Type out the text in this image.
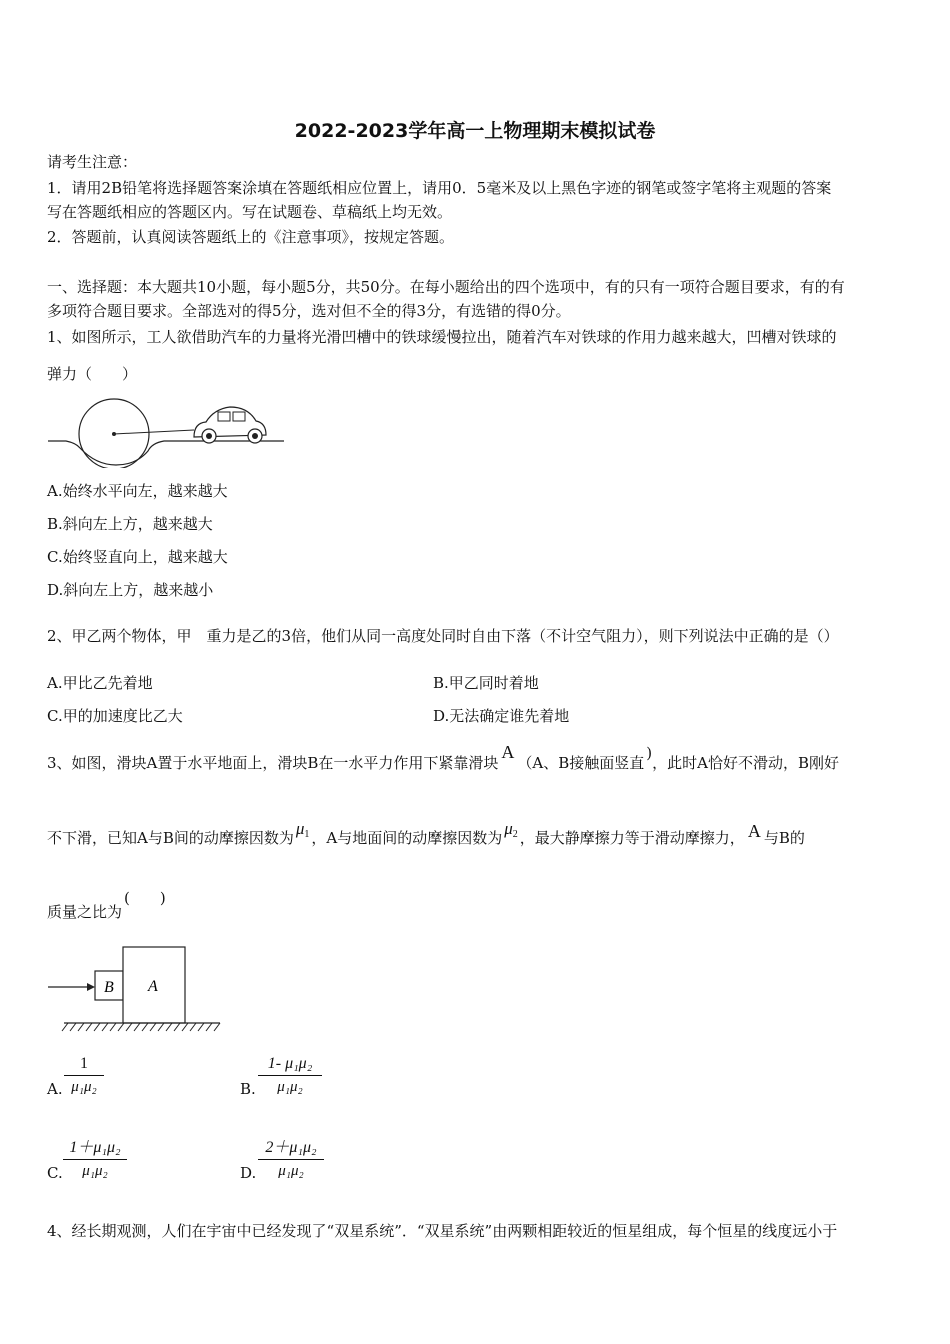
2022-2023学年高一上物理期末模拟试卷
请考生注意：
1．请用2B铅笔将选择题答案涂填在答题纸相应位置上，请用0．5毫米及以上黑色字迹的钢笔或签字笔将主观题的答案
写在答题纸相应的答题区内。写在试题卷、草稿纸上均无效。
2．答题前，认真阅读答题纸上的《注意事项》，按规定答题。
一、选择题：本大题共10小题，每小题5分，共50分。在每小题给出的四个选项中，有的只有一项符合题目要求，有的有
多项符合题目要求。全部选对的得5分，选对但不全的得3分，有选错的得0分。
1、如图所示，工人欲借助汽车的力量将光滑凹槽中的铁球缓慢拉出，随着汽车对铁球的作用力越来越大，凹槽对铁球的
弹力（　　）
A.始终水平向左，越来越大
B.斜向左上方，越来越大
C.始终竖直向上，越来越大
D.斜向左上方，越来越小
2、甲乙两个物体，甲　重力是乙的3倍，他们从同一高度处同时自由下落（不计空气阻力），则下列说法中正确的是（）
A.甲比乙先着地	B.甲乙同时着地
C.甲的加速度比乙大	D.无法确定谁先着地
3、如图，滑块A置于水平地面上，滑块B在一水平力作用下紧靠滑块A（A、B接触面竖直)，此时A恰好不滑动，B刚好
不下滑，已知A与B间的动摩擦因数为 $\mu_1$ ，A与地面间的动摩擦因数为 $\mu_2$ ，最大静摩擦力等于滑动摩擦力， A 与B的
质量之比为(　　)
B A
A.
1
μ₁μ₂	B.
1- μ₁μ₂
μ₁μ₂
C.
1＋μ₁μ₂
μ₁μ₂	D.
2＋μ₁μ₂
μ₁μ₂
4、经长期观测，人们在宇宙中已经发现了“双星系统”．“双星系统”由两颗相距较近的恒星组成，每个恒星的线度远小于
